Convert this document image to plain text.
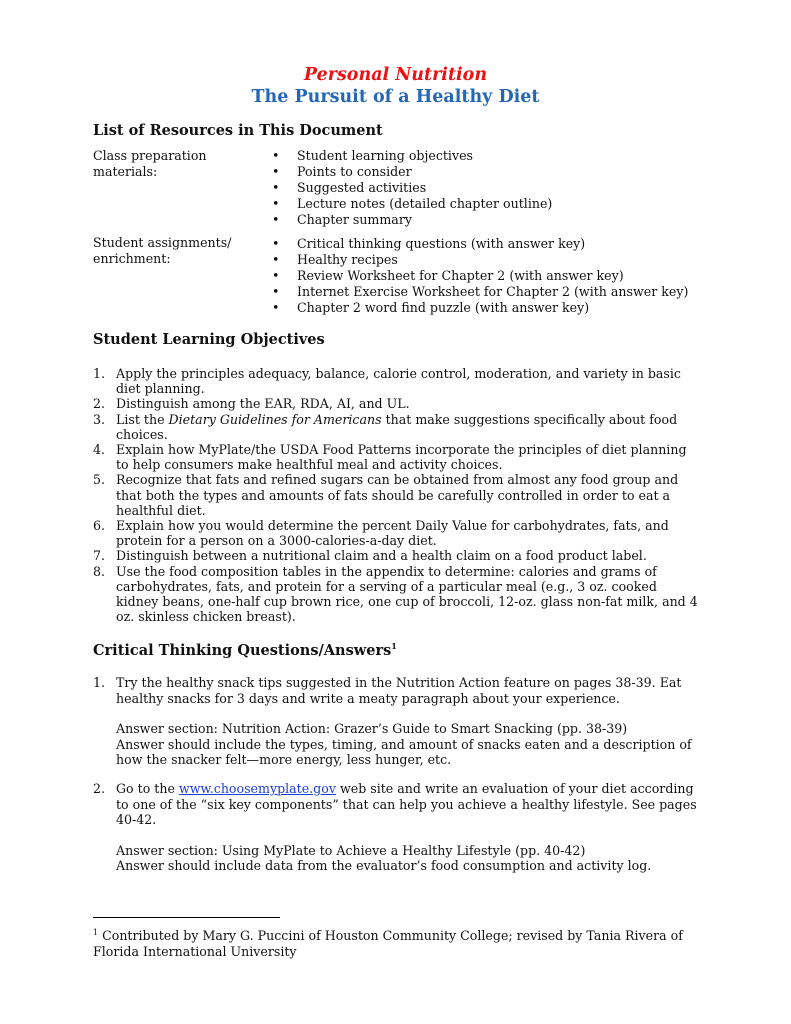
Personal Nutrition
The Pursuit of a Healthy Diet
List of Resources in This Document
Class preparation materials:
• Student learning objectives
• Points to consider
• Suggested activities
• Lecture notes (detailed chapter outline)
• Chapter summary
Student assignments/ enrichment:
• Critical thinking questions (with answer key)
• Healthy recipes
• Review Worksheet for Chapter 2 (with answer key)
• Internet Exercise Worksheet for Chapter 2 (with answer key)
• Chapter 2 word find puzzle (with answer key)
Student Learning Objectives
1. Apply the principles adequacy, balance, calorie control, moderation, and variety in basic diet planning.
2. Distinguish among the EAR, RDA, AI, and UL.
3. List the Dietary Guidelines for Americans that make suggestions specifically about food choices.
4. Explain how MyPlate/the USDA Food Patterns incorporate the principles of diet planning to help consumers make healthful meal and activity choices.
5. Recognize that fats and refined sugars can be obtained from almost any food group and that both the types and amounts of fats should be carefully controlled in order to eat a healthful diet.
6. Explain how you would determine the percent Daily Value for carbohydrates, fats, and protein for a person on a 3000-calories-a-day diet.
7. Distinguish between a nutritional claim and a health claim on a food product label.
8. Use the food composition tables in the appendix to determine: calories and grams of carbohydrates, fats, and protein for a serving of a particular meal (e.g., 3 oz. cooked kidney beans, one-half cup brown rice, one cup of broccoli, 12-oz. glass non-fat milk, and 4 oz. skinless chicken breast).
Critical Thinking Questions/Answers$^1$
1. Try the healthy snack tips suggested in the Nutrition Action feature on pages 38-39. Eat healthy snacks for 3 days and write a meaty paragraph about your experience.

Answer section: Nutrition Action: Grazer’s Guide to Smart Snacking (pp. 38-39)
Answer should include the types, timing, and amount of snacks eaten and a description of how the snacker felt—more energy, less hunger, etc.

2. Go to the www.choosemyplate.gov web site and write an evaluation of your diet according to one of the “six key components” that can help you achieve a healthy lifestyle. See pages 40-42.

Answer section: Using MyPlate to Achieve a Healthy Lifestyle (pp. 40-42)
Answer should include data from the evaluator’s food consumption and activity log.

$^1$ Contributed by Mary G. Puccini of Houston Community College; revised by Tania Rivera of Florida International University
